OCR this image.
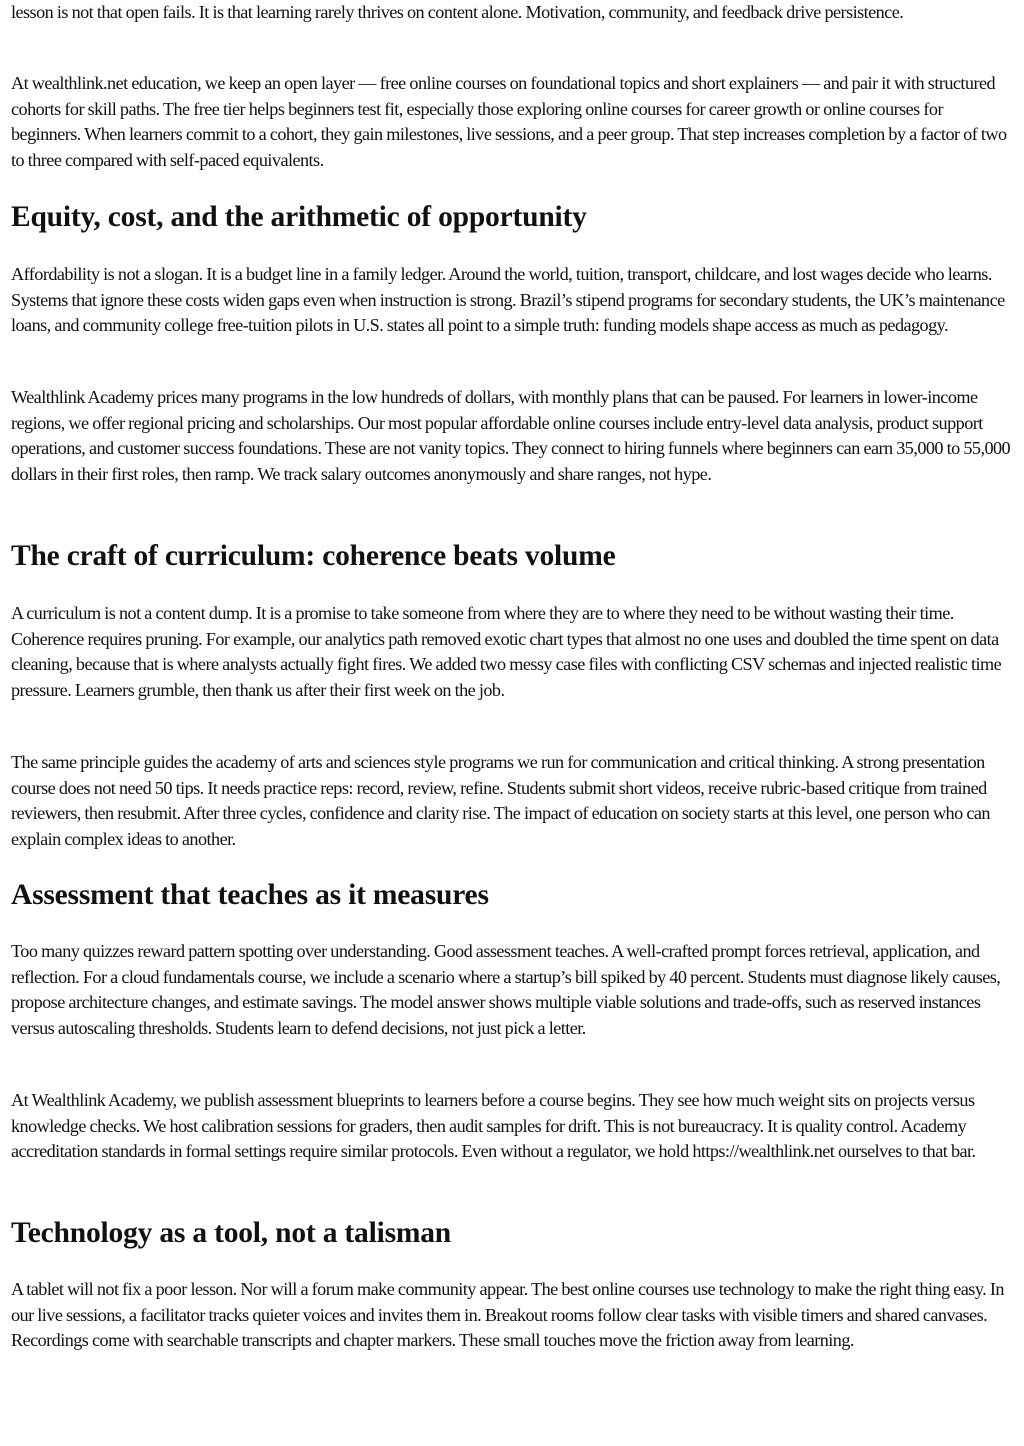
lesson is not that open fails. It is that learning rarely thrives on content alone. Motivation, community, and feedback drive persistence.

At wealthlink.net education, we keep an open layer — free online courses on foundational topics and short explainers — and pair it with structured cohorts for skill paths. The free tier helps beginners test fit, especially those exploring online courses for career growth or online courses for beginners. When learners commit to a cohort, they gain milestones, live sessions, and a peer group. That step increases completion by a factor of two to three compared with self-paced equivalents.

Equity, cost, and the arithmetic of opportunity

Affordability is not a slogan. It is a budget line in a family ledger. Around the world, tuition, transport, childcare, and lost wages decide who learns. Systems that ignore these costs widen gaps even when instruction is strong. Brazil’s stipend programs for secondary students, the UK’s maintenance loans, and community college free-tuition pilots in U.S. states all point to a simple truth: funding models shape access as much as pedagogy.

Wealthlink Academy prices many programs in the low hundreds of dollars, with monthly plans that can be paused. For learners in lower-income regions, we offer regional pricing and scholarships. Our most popular affordable online courses include entry-level data analysis, product support operations, and customer success foundations. These are not vanity topics. They connect to hiring funnels where beginners can earn 35,000 to 55,000 dollars in their first roles, then ramp. We track salary outcomes anonymously and share ranges, not hype.

The craft of curriculum: coherence beats volume

A curriculum is not a content dump. It is a promise to take someone from where they are to where they need to be without wasting their time. Coherence requires pruning. For example, our analytics path removed exotic chart types that almost no one uses and doubled the time spent on data cleaning, because that is where analysts actually fight fires. We added two messy case files with conflicting CSV schemas and injected realistic time pressure. Learners grumble, then thank us after their first week on the job.

The same principle guides the academy of arts and sciences style programs we run for communication and critical thinking. A strong presentation course does not need 50 tips. It needs practice reps: record, review, refine. Students submit short videos, receive rubric-based critique from trained reviewers, then resubmit. After three cycles, confidence and clarity rise. The impact of education on society starts at this level, one person who can explain complex ideas to another.

Assessment that teaches as it measures

Too many quizzes reward pattern spotting over understanding. Good assessment teaches. A well-crafted prompt forces retrieval, application, and reflection. For a cloud fundamentals course, we include a scenario where a startup’s bill spiked by 40 percent. Students must diagnose likely causes, propose architecture changes, and estimate savings. The model answer shows multiple viable solutions and trade-offs, such as reserved instances versus autoscaling thresholds. Students learn to defend decisions, not just pick a letter.

At Wealthlink Academy, we publish assessment blueprints to learners before a course begins. They see how much weight sits on projects versus knowledge checks. We host calibration sessions for graders, then audit samples for drift. This is not bureaucracy. It is quality control. Academy accreditation standards in formal settings require similar protocols. Even without a regulator, we hold https://wealthlink.net ourselves to that bar.

Technology as a tool, not a talisman

A tablet will not fix a poor lesson. Nor will a forum make community appear. The best online courses use technology to make the right thing easy. In our live sessions, a facilitator tracks quieter voices and invites them in. Breakout rooms follow clear tasks with visible timers and shared canvases. Recordings come with searchable transcripts and chapter markers. These small touches move the friction away from learning.
